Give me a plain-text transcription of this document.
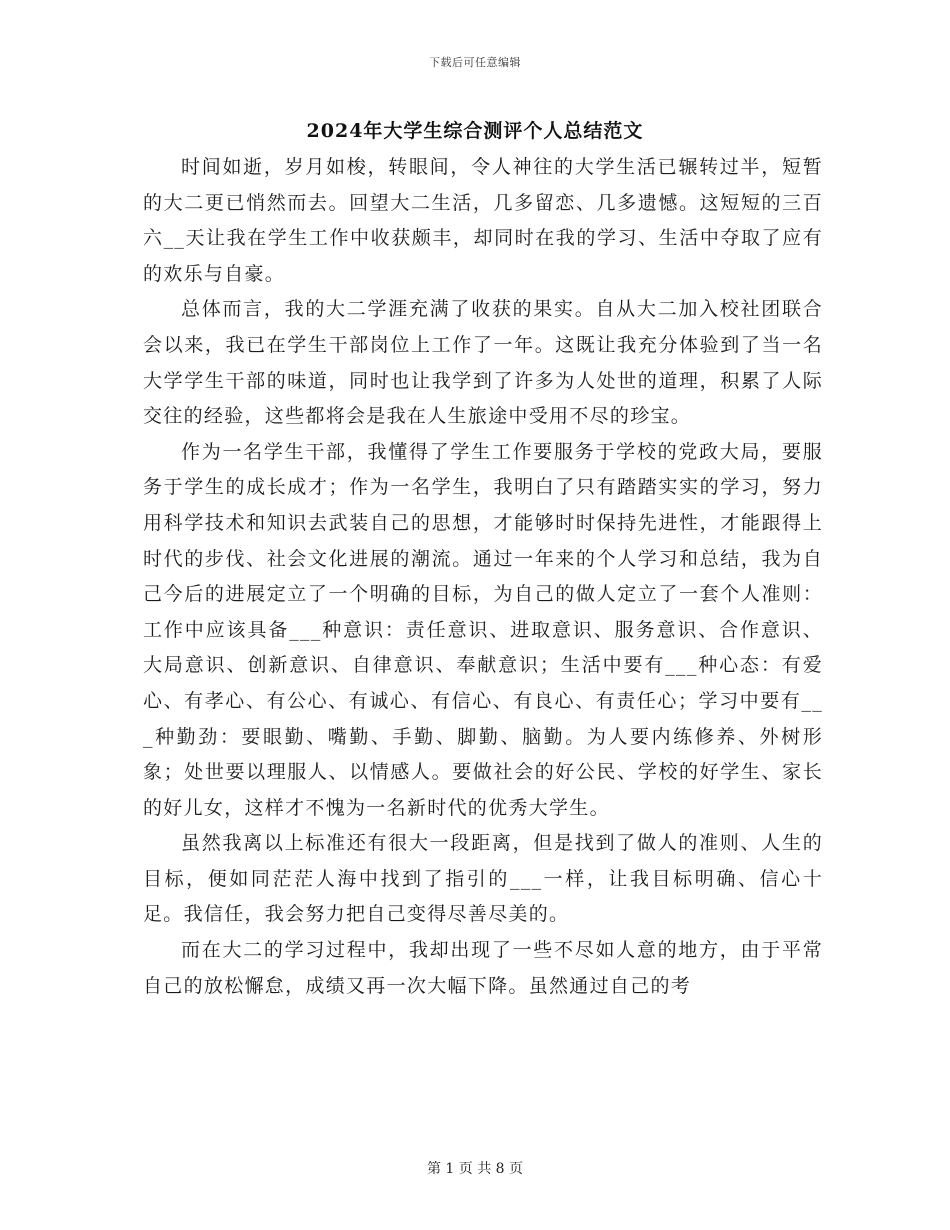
下载后可任意编辑
2024年大学生综合测评个人总结范文

时间如逝，岁月如梭，转眼间，令人神往的大学生活已辗转过半，短暂的大二更已悄然而去。回望大二生活，几多留恋、几多遗憾。这短短的三百六__天让我在学生工作中收获颇丰，却同时在我的学习、生活中夺取了应有的欢乐与自豪。

总体而言，我的大二学涯充满了收获的果实。自从大二加入校社团联合会以来，我已在学生干部岗位上工作了一年。这既让我充分体验到了当一名大学学生干部的味道，同时也让我学到了许多为人处世的道理，积累了人际交往的经验，这些都将会是我在人生旅途中受用不尽的珍宝。

作为一名学生干部，我懂得了学生工作要服务于学校的党政大局，要服务于学生的成长成才；作为一名学生，我明白了只有踏踏实实的学习，努力用科学技术和知识去武装自己的思想，才能够时时保持先进性，才能跟得上时代的步伐、社会文化进展的潮流。通过一年来的个人学习和总结，我为自己今后的进展定立了一个明确的目标，为自己的做人定立了一套个人准则：工作中应该具备___种意识：责任意识、进取意识、服务意识、合作意识、大局意识、创新意识、自律意识、奉献意识；生活中要有___种心态：有爱心、有孝心、有公心、有诚心、有信心、有良心、有责任心；学习中要有___种勤劲：要眼勤、嘴勤、手勤、脚勤、脑勤。为人要内练修养、外树形象；处世要以理服人、以情感人。要做社会的好公民、学校的好学生、家长的好儿女，这样才不愧为一名新时代的优秀大学生。

虽然我离以上标准还有很大一段距离，但是找到了做人的准则、人生的目标，便如同茫茫人海中找到了指引的___一样，让我目标明确、信心十足。我信任，我会努力把自己变得尽善尽美的。

而在大二的学习过程中，我却出现了一些不尽如人意的地方，由于平常自己的放松懈怠，成绩又再一次大幅下降。虽然通过自己的考

第 1 页 共 8 页
